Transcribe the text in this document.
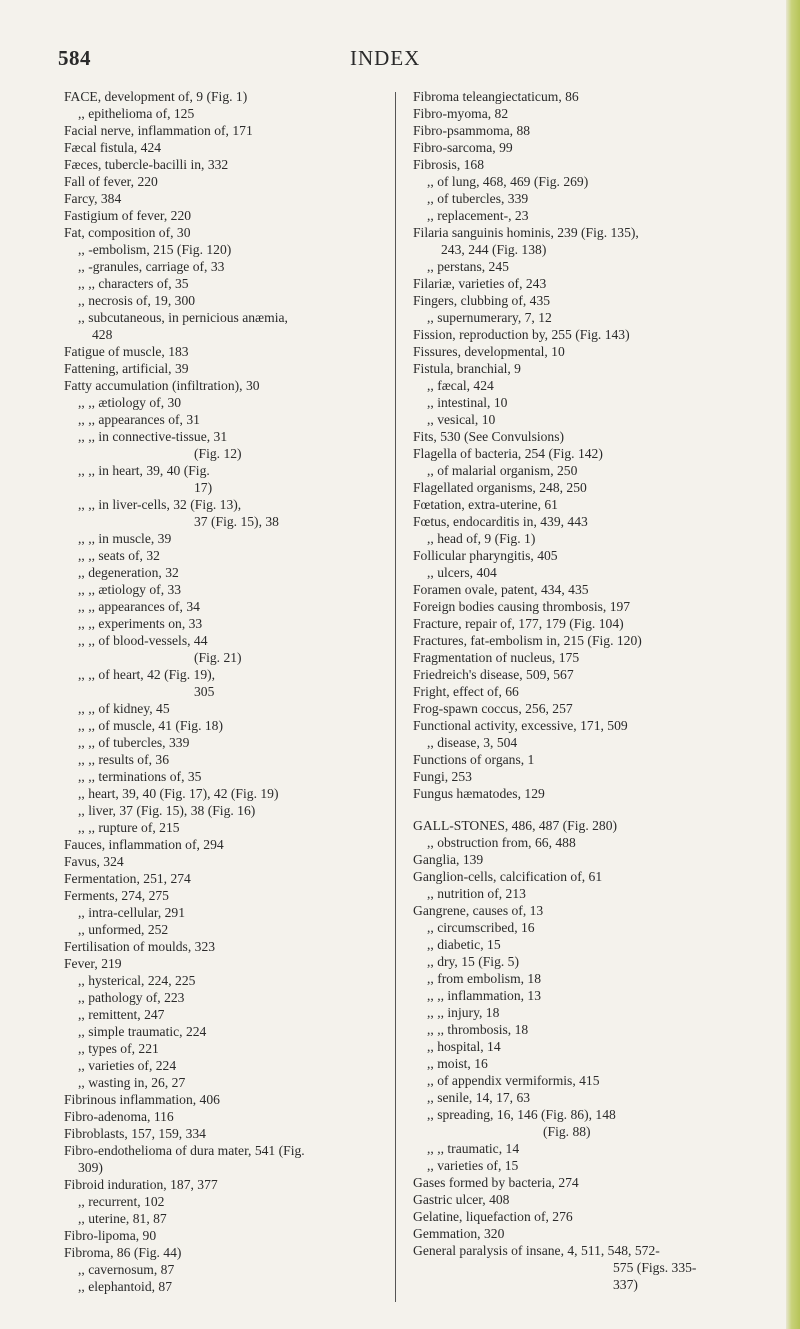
584	INDEX
FACE, development of, 9 (Fig. 1)
,, epithelioma of, 125
Facial nerve, inflammation of, 171
Fæcal fistula, 424
Fæces, tubercle-bacilli in, 332
Fall of fever, 220
Farcy, 384
Fastigium of fever, 220
Fat, composition of, 30
,, -embolism, 215 (Fig. 120)
,, -granules, carriage of, 33
,, ,, characters of, 35
,, necrosis of, 19, 300
,, subcutaneous, in pernicious anæmia,
428
Fatigue of muscle, 183
Fattening, artificial, 39
Fatty accumulation (infiltration), 30
,, ,, ætiology of, 30
,, ,, appearances of, 31
,, ,, in connective-tissue, 31
(Fig. 12)
,, ,, in heart, 39, 40 (Fig.
17)
,, ,, in liver-cells, 32 (Fig. 13),
37 (Fig. 15), 38
,, ,, in muscle, 39
,, ,, seats of, 32
,, degeneration, 32
,, ,, ætiology of, 33
,, ,, appearances of, 34
,, ,, experiments on, 33
,, ,, of blood-vessels, 44
(Fig. 21)
,, ,, of heart, 42 (Fig. 19),
305
,, ,, of kidney, 45
,, ,, of muscle, 41 (Fig. 18)
,, ,, of tubercles, 339
,, ,, results of, 36
,, ,, terminations of, 35
,, heart, 39, 40 (Fig. 17), 42 (Fig. 19)
,, liver, 37 (Fig. 15), 38 (Fig. 16)
,, ,, rupture of, 215
Fauces, inflammation of, 294
Favus, 324
Fermentation, 251, 274
Ferments, 274, 275
,, intra-cellular, 291
,, unformed, 252
Fertilisation of moulds, 323
Fever, 219
,, hysterical, 224, 225
,, pathology of, 223
,, remittent, 247
,, simple traumatic, 224
,, types of, 221
,, varieties of, 224
,, wasting in, 26, 27
Fibrinous inflammation, 406
Fibro-adenoma, 116
Fibroblasts, 157, 159, 334
Fibro-endothelioma of dura mater, 541 (Fig.
309)
Fibroid induration, 187, 377
,, recurrent, 102
,, uterine, 81, 87
Fibro-lipoma, 90
Fibroma, 86 (Fig. 44)
,, cavernosum, 87
,, elephantoid, 87
Fibroma teleangiectaticum, 86
Fibro-myoma, 82
Fibro-psammoma, 88
Fibro-sarcoma, 99
Fibrosis, 168
,, of lung, 468, 469 (Fig. 269)
,, of tubercles, 339
,, replacement-, 23
Filaria sanguinis hominis, 239 (Fig. 135),
243, 244 (Fig. 138)
,, perstans, 245
Filariæ, varieties of, 243
Fingers, clubbing of, 435
,, supernumerary, 7, 12
Fission, reproduction by, 255 (Fig. 143)
Fissures, developmental, 10
Fistula, branchial, 9
,, fæcal, 424
,, intestinal, 10
,, vesical, 10
Fits, 530 (See Convulsions)
Flagella of bacteria, 254 (Fig. 142)
,, of malarial organism, 250
Flagellated organisms, 248, 250
Fœtation, extra-uterine, 61
Fœtus, endocarditis in, 439, 443
,, head of, 9 (Fig. 1)
Follicular pharyngitis, 405
,, ulcers, 404
Foramen ovale, patent, 434, 435
Foreign bodies causing thrombosis, 197
Fracture, repair of, 177, 179 (Fig. 104)
Fractures, fat-embolism in, 215 (Fig. 120)
Fragmentation of nucleus, 175
Friedreich's disease, 509, 567
Fright, effect of, 66
Frog-spawn coccus, 256, 257
Functional activity, excessive, 171, 509
,, disease, 3, 504
Functions of organs, 1
Fungi, 253
Fungus hæmatodes, 129
GALL-STONES, 486, 487 (Fig. 280)
,, obstruction from, 66, 488
Ganglia, 139
Ganglion-cells, calcification of, 61
,, nutrition of, 213
Gangrene, causes of, 13
,, circumscribed, 16
,, diabetic, 15
,, dry, 15 (Fig. 5)
,, from embolism, 18
,, ,, inflammation, 13
,, ,, injury, 18
,, ,, thrombosis, 18
,, hospital, 14
,, moist, 16
,, of appendix vermiformis, 415
,, senile, 14, 17, 63
,, spreading, 16, 146 (Fig. 86), 148
(Fig. 88)
,, ,, traumatic, 14
,, varieties of, 15
Gases formed by bacteria, 274
Gastric ulcer, 408
Gelatine, liquefaction of, 276
Gemmation, 320
General paralysis of insane, 4, 511, 548, 572-
575 (Figs. 335-
337)
